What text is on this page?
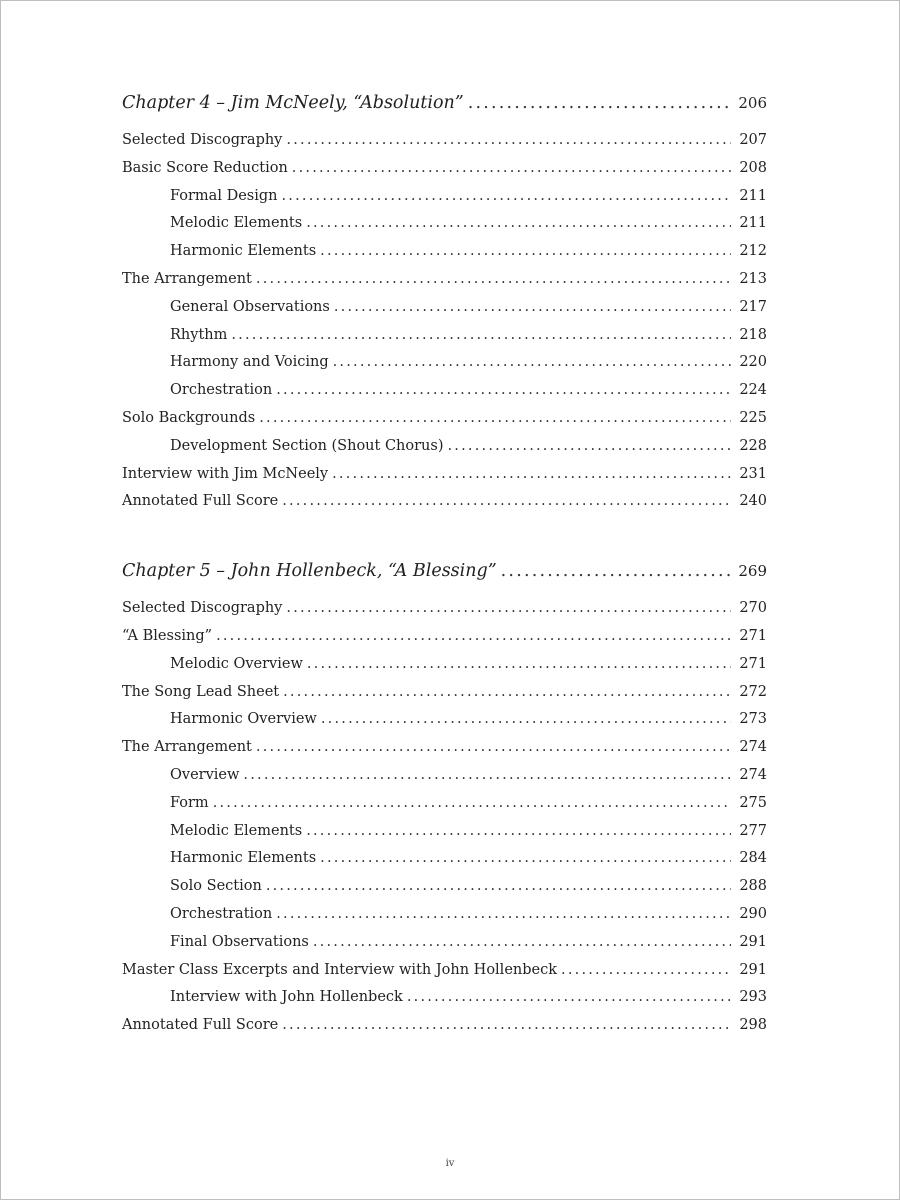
Chapter 4 – Jim McNeely, “Absolution” .....	206
Selected Discography .....	207
Basic Score Reduction .....	208
Formal Design .....	211
Melodic Elements .....	211
Harmonic Elements .....	212
The Arrangement .....	213
General Observations .....	217
Rhythm .....	218
Harmony and Voicing .....	220
Orchestration .....	224
Solo Backgrounds .....	225
Development Section (Shout Chorus) .....	228
Interview with Jim McNeely .....	231
Annotated Full Score .....	240
Chapter 5 – John Hollenbeck, “A Blessing” .....	269
Selected Discography .....	270
“A Blessing” .....	271
Melodic Overview .....	271
The Song Lead Sheet .....	272
Harmonic Overview .....	273
The Arrangement .....	274
Overview .....	274
Form .....	275
Melodic Elements .....	277
Harmonic Elements .....	284
Solo Section .....	288
Orchestration .....	290
Final Observations .....	291
Master Class Excerpts and Interview with John Hollenbeck .....	291
Interview with John Hollenbeck .....	293
Annotated Full Score .....	298
iv
